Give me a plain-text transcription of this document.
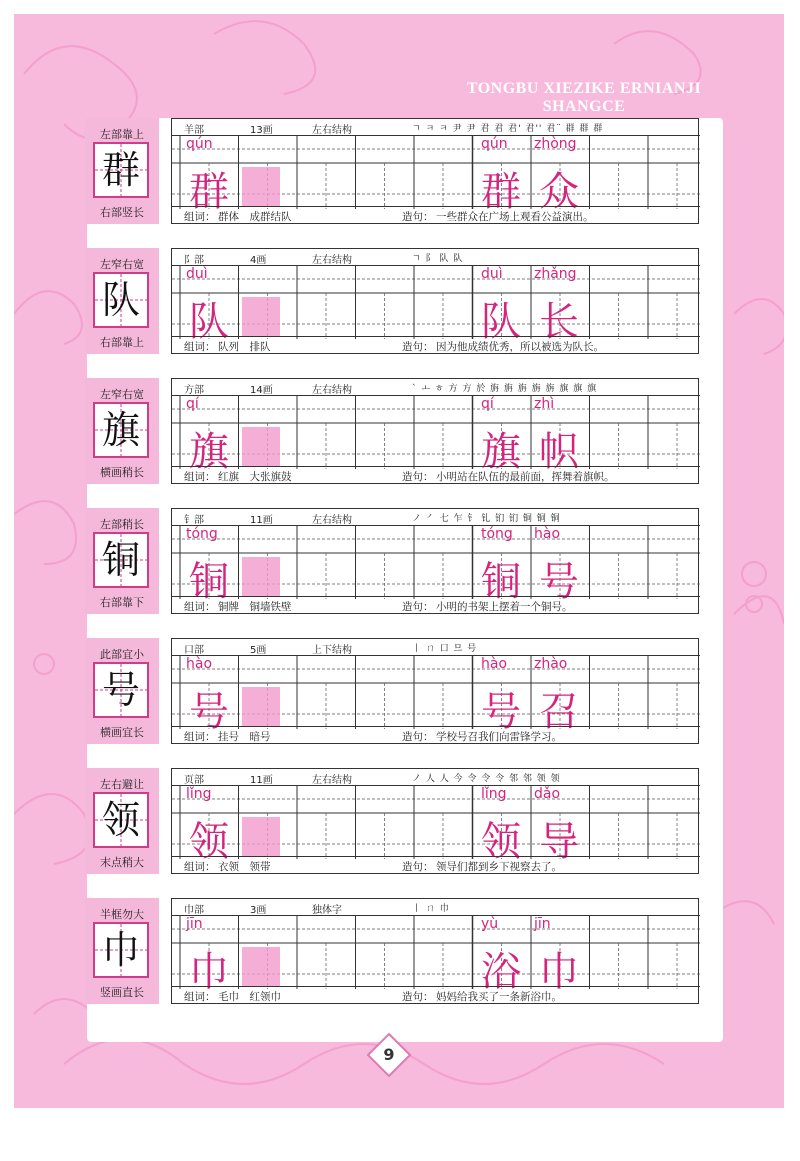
TONGBU XIEZIKE ERNIANJI SHANGCE
9
左部靠上
群
右部竖长
羊部	13画	左右结构	ㄱ ㅋ ㅋ 尹 尹 君 君 君' 君'' 君¨ 群 群 群
qún	qún zhòng
群	群 众
组词： 群体　成群结队	造句： 一些群众在广场上观看公益演出。
左窄右宽
队
右部靠上
阝部	4画	左右结构	ㄱ 阝 队 队
duì	duì zhǎng
队	队 长
组词： 队列　排队	造句： 因为他成绩优秀，所以被选为队长。
左窄右宽
旗
横画稍长
方部	14画	左右结构	` ㅗ ㅎ 方 方 於 旃 旃 旃 旃 旃 旗 旗 旗
qí	qí	zhì
旗	旗 帜
组词： 红旗　大张旗鼓	造句： 小明站在队伍的最前面，挥舞着旗帜。
左部稍长
铜
右部靠下
钅部	11画	左右结构	ノ ㇒ 七 乍 钅 钆 钔 钔 铜 铜 铜
tóng	tóng hào
铜	铜 号
组词： 铜牌　铜墙铁壁	造句： 小明的书架上摆着一个铜号。
此部宜小
号
横画宜长
口部	5画	上下结构	丨 ㄇ 口 므 号
hào	hào zhào
号	号 召
组词： 挂号　暗号	造句： 学校号召我们向雷锋学习。
左右避让
领
末点稍大
页部	11画	左右结构	ノ 人 人 今 令 令 令 邻 邻 领 领
lǐng	lǐng dǎo
领	领 导
组词： 衣领　领带	造句： 领导们都到乡下视察去了。
半框勿大
巾
竖画直长
巾部	3画	独体字	丨 ㄇ 巾
jīn	yù	jīn
巾	浴 巾
组词： 毛巾　红领巾	造句： 妈妈给我买了一条新浴巾。
